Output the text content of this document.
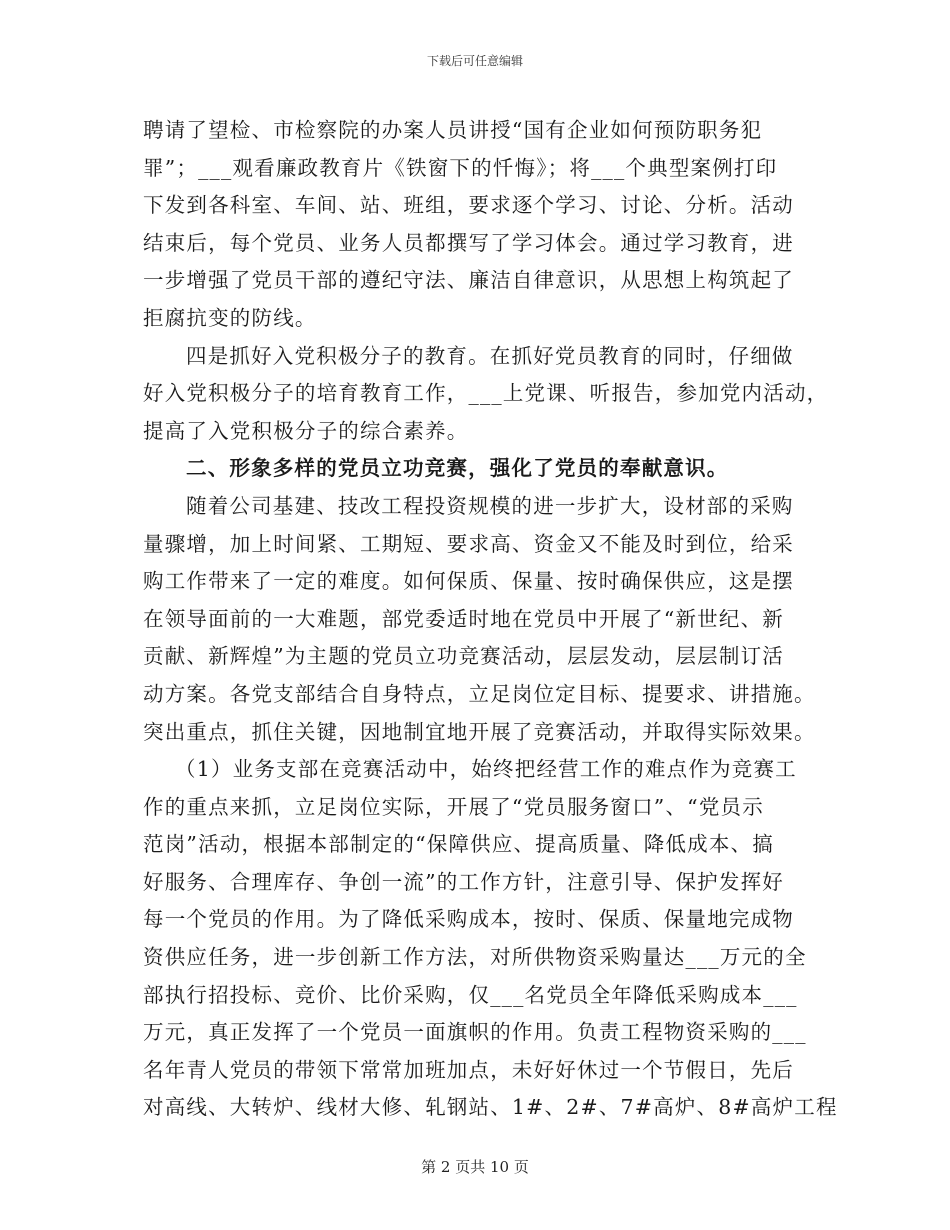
下载后可任意编辑
聘请了望检、市检察院的办案人员讲授“国有企业如何预防职务犯
罪”；___观看廉政教育片《铁窗下的忏悔》；将___个典型案例打印
下发到各科室、车间、站、班组，要求逐个学习、讨论、分析。活动
结束后，每个党员、业务人员都撰写了学习体会。通过学习教育，进
一步增强了党员干部的遵纪守法、廉洁自律意识，从思想上构筑起了
拒腐抗变的防线。
四是抓好入党积极分子的教育。在抓好党员教育的同时，仔细做
好入党积极分子的培育教育工作，___上党课、听报告，参加党内活动，
提高了入党积极分子的综合素养。
二、形象多样的党员立功竞赛，强化了党员的奉献意识。
随着公司基建、技改工程投资规模的进一步扩大，设材部的采购
量骤增，加上时间紧、工期短、要求高、资金又不能及时到位，给采
购工作带来了一定的难度。如何保质、保量、按时确保供应，这是摆
在领导面前的一大难题，部党委适时地在党员中开展了“新世纪、新
贡献、新辉煌”为主题的党员立功竞赛活动，层层发动，层层制订活
动方案。各党支部结合自身特点，立足岗位定目标、提要求、讲措施。
突出重点，抓住关键，因地制宜地开展了竞赛活动，并取得实际效果。
（1）业务支部在竞赛活动中，始终把经营工作的难点作为竞赛工
作的重点来抓，立足岗位实际，开展了“党员服务窗口”、“党员示
范岗”活动，根据本部制定的“保障供应、提高质量、降低成本、搞
好服务、合理库存、争创一流”的工作方针，注意引导、保护发挥好
每一个党员的作用。为了降低采购成本，按时、保质、保量地完成物
资供应任务，进一步创新工作方法，对所供物资采购量达___万元的全
部执行招投标、竞价、比价采购，仅___名党员全年降低采购成本___
万元，真正发挥了一个党员一面旗帜的作用。负责工程物资采购的___
名年青人党员的带领下常常加班加点，未好好休过一个节假日，先后
对高线、大转炉、线材大修、轧钢站、1#、2#、7#高炉、8#高炉工程
第 2 页共 10 页
